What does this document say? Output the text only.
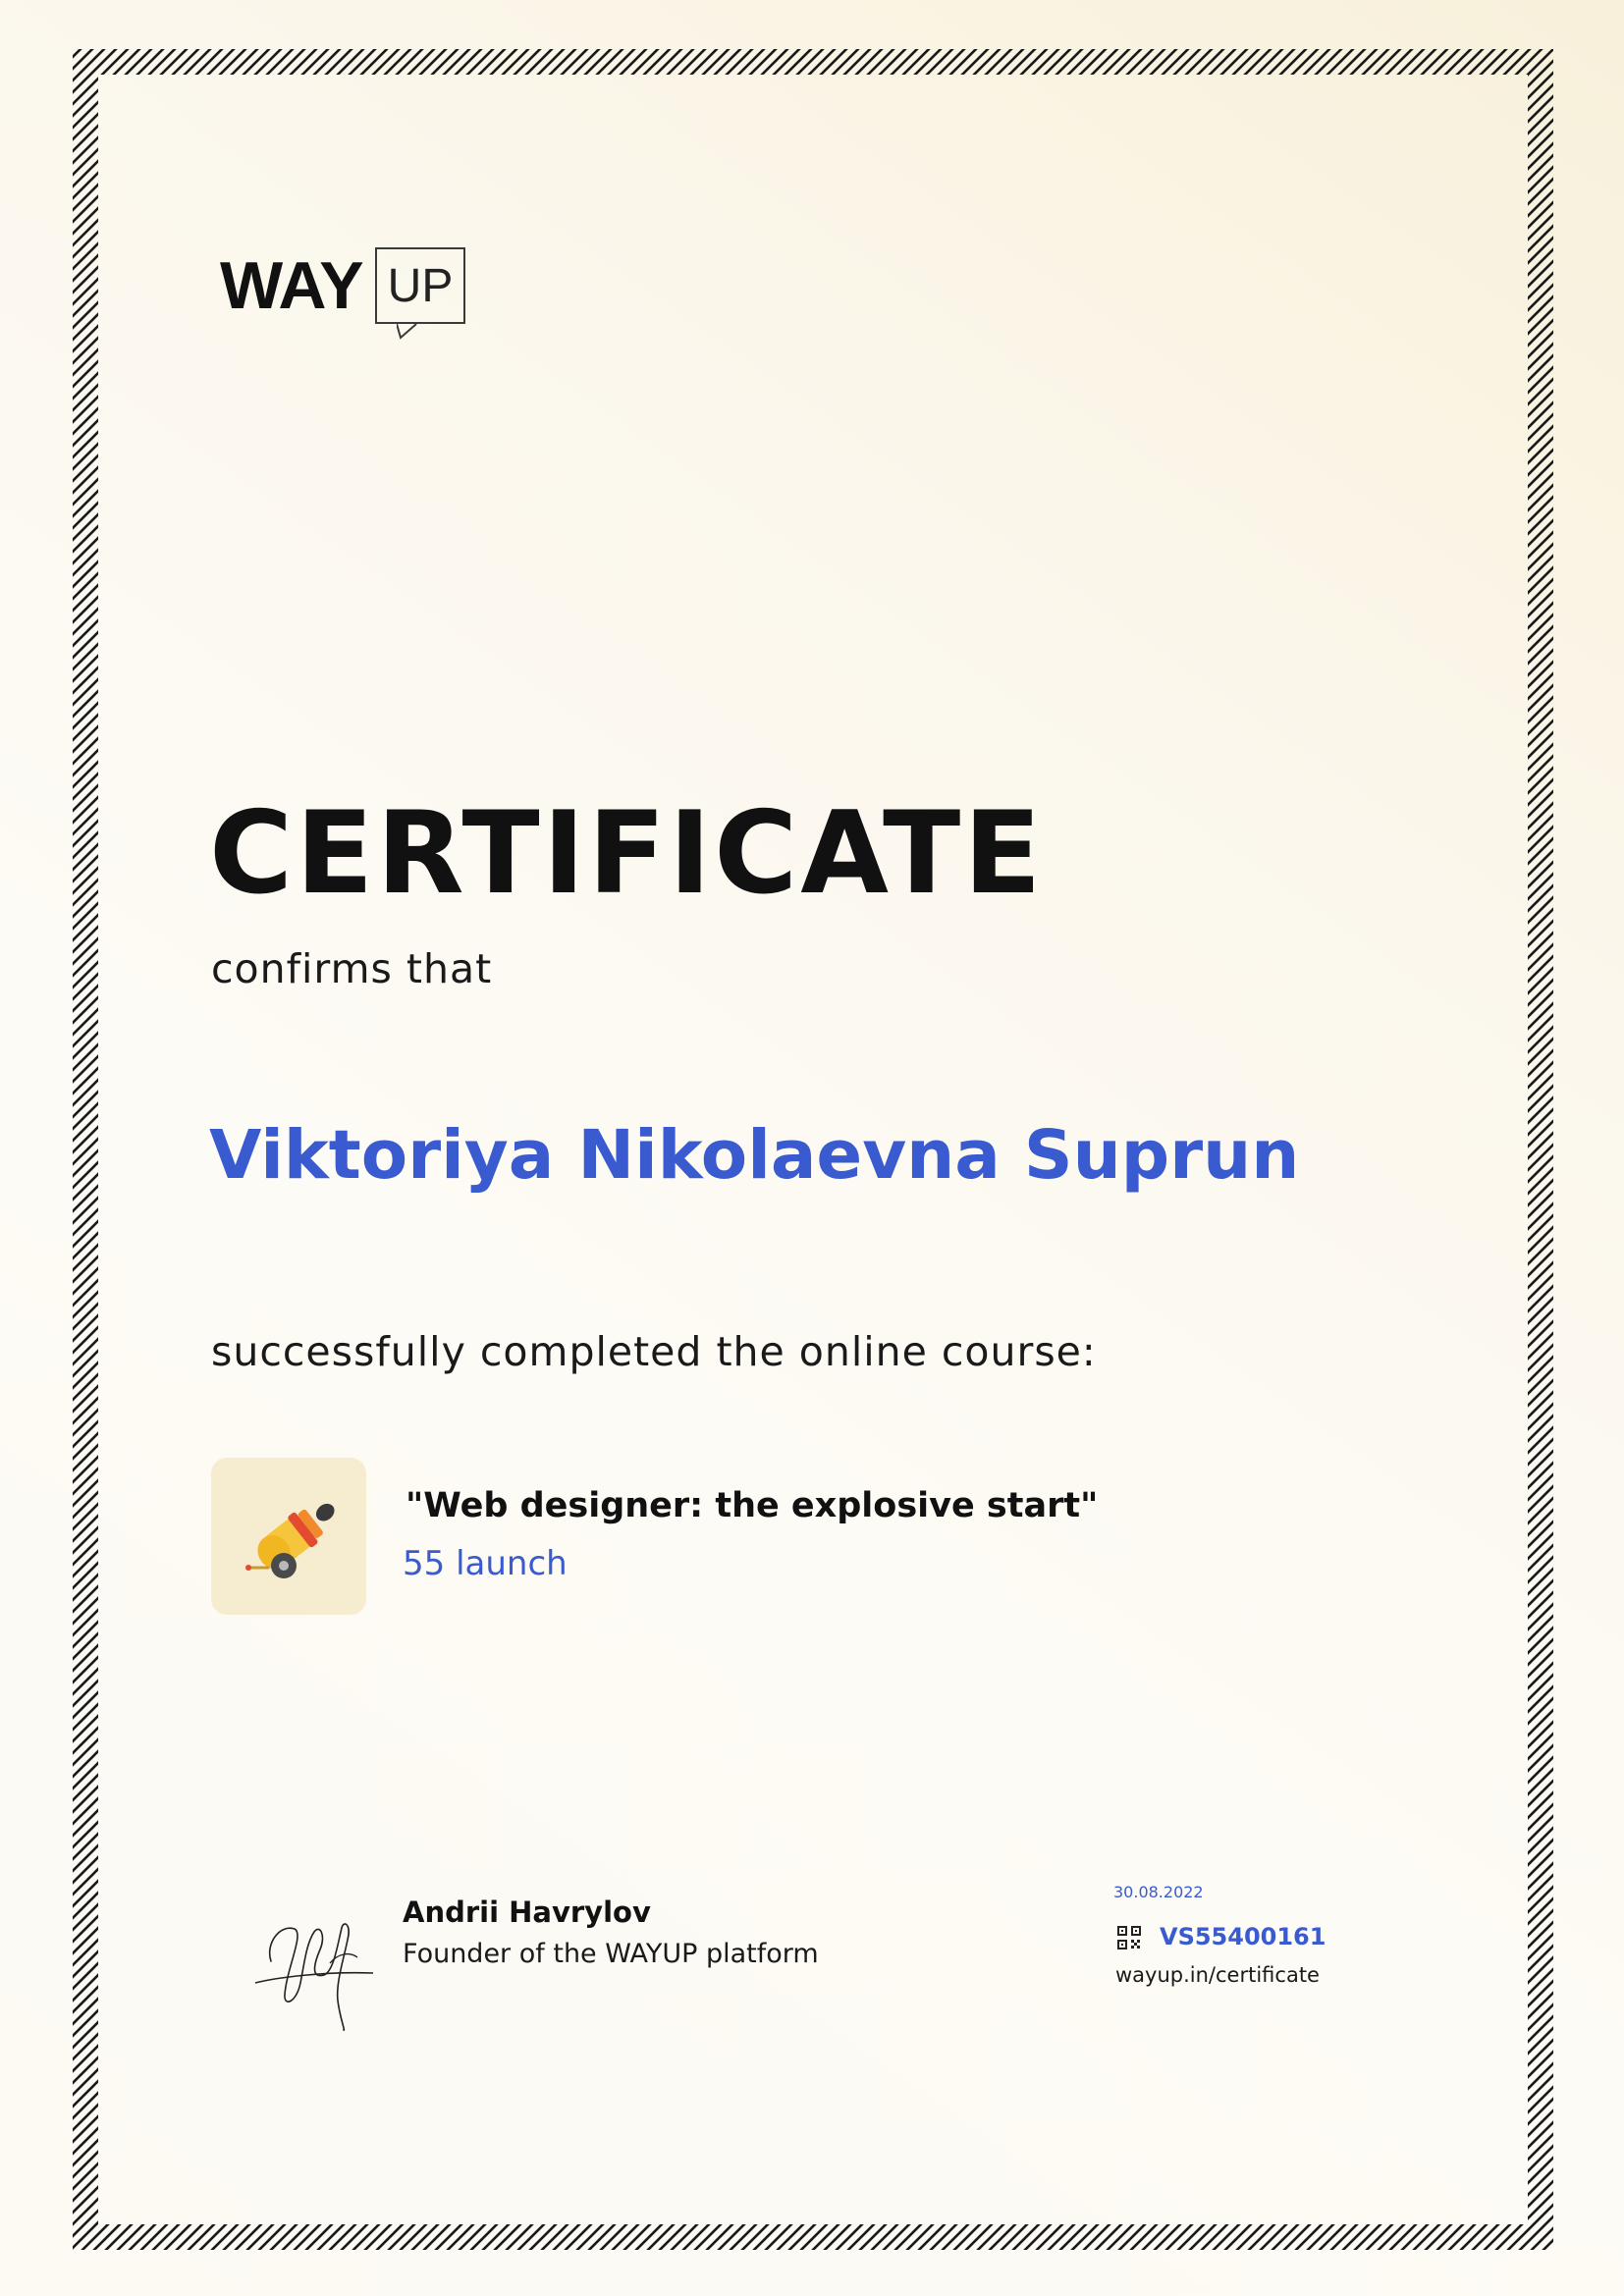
WAY UP
CERTIFICATE
confirms that
Viktoriya Nikolaevna Suprun
successfully completed the online course:
"Web designer: the explosive start"
55 launch
Andrii Havrylov
Founder of the WAYUP platform
30.08.2022
VS55400161
wayup.in/certificate
